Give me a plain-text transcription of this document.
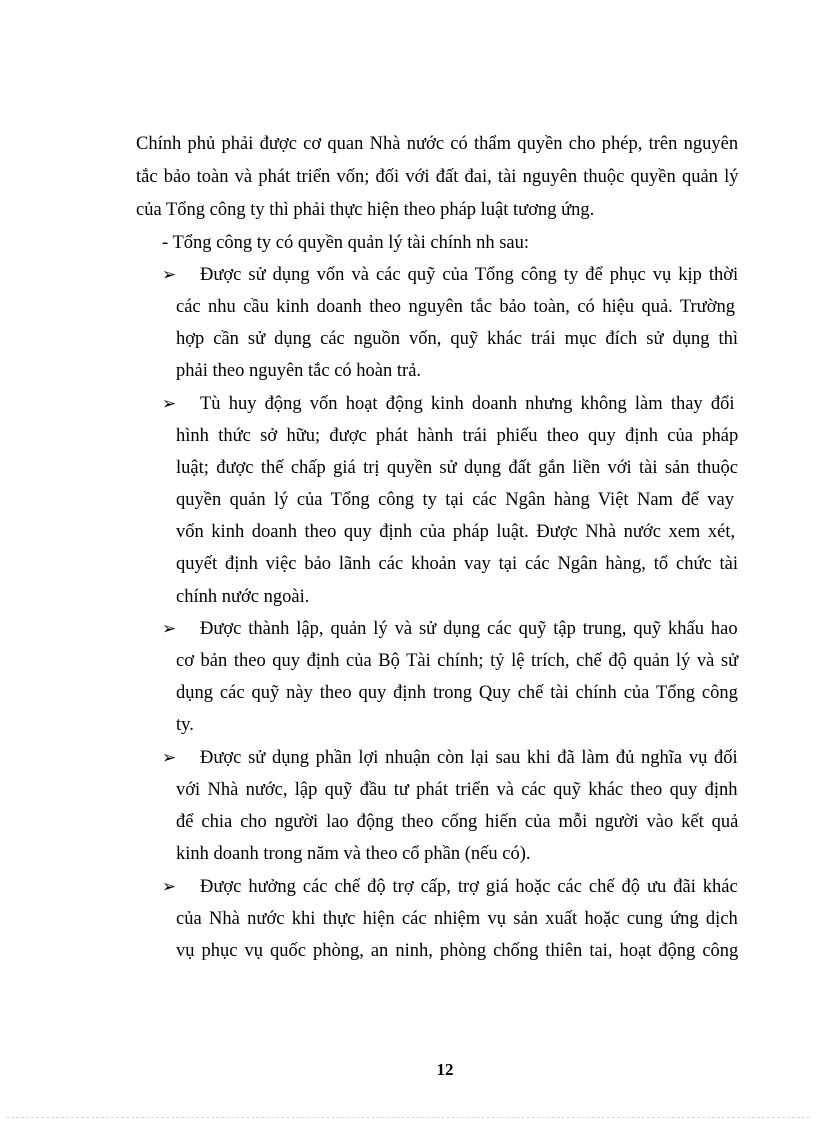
Chính phủ phải được cơ quan Nhà nước có thẩm quyền cho phép, trên nguyên
tắc bảo toàn và phát triển vốn; đối với đất đai, tài nguyên thuộc quyền quản lý
của Tổng công ty thì phải thực hiện theo pháp luật tương ứng.
- Tổng công ty có quyền quản lý tài chính nh sau:
Được sử dụng vốn và các quỹ của Tổng công ty để phục vụ kịp thời
các nhu cầu kinh doanh theo nguyên tắc bảo toàn, có hiệu quả. Trường
hợp cần sử dụng các nguồn vốn, quỹ khác trái mục đích sử dụng thì
phải theo nguyên tắc có hoàn trả.
Tù huy động vốn hoạt động kinh doanh nhưng không làm thay đổi
hình thức sở hữu; được phát hành trái phiếu theo quy định của pháp
luật; được thế chấp giá trị quyền sử dụng đất gắn liền với tài sản thuộc
quyền quản lý của Tổng công ty tại các Ngân hàng Việt Nam để vay
vốn kinh doanh theo quy định của pháp luật. Được Nhà nước xem xét,
quyết định việc bảo lãnh các khoản vay tại các Ngân hàng, tổ chức tài
chính nước ngoài.
Được thành lập, quản lý và sử dụng các quỹ tập trung, quỹ khấu hao
cơ bản theo quy định của Bộ Tài chính; tỷ lệ trích, chế độ quản lý và sử
dụng các quỹ này theo quy định trong Quy chế tài chính của Tổng công
ty.
Được sử dụng phần lợi nhuận còn lại sau khi đã làm đủ nghĩa vụ đối
với Nhà nước, lập quỹ đầu tư phát triển và các quỹ khác theo quy định
để chia cho người lao động theo cống hiến của mỗi người vào kết quả
kinh doanh trong năm và theo cổ phần (nếu có).
Được hưởng các chế độ trợ cấp, trợ giá hoặc các chế độ ưu đãi khác
của Nhà nước khi thực hiện các nhiệm vụ sản xuất hoặc cung ứng dịch
vụ phục vụ quốc phòng, an ninh, phòng chống thiên tai, hoạt động công
➢
➢
➢
➢
➢
12
